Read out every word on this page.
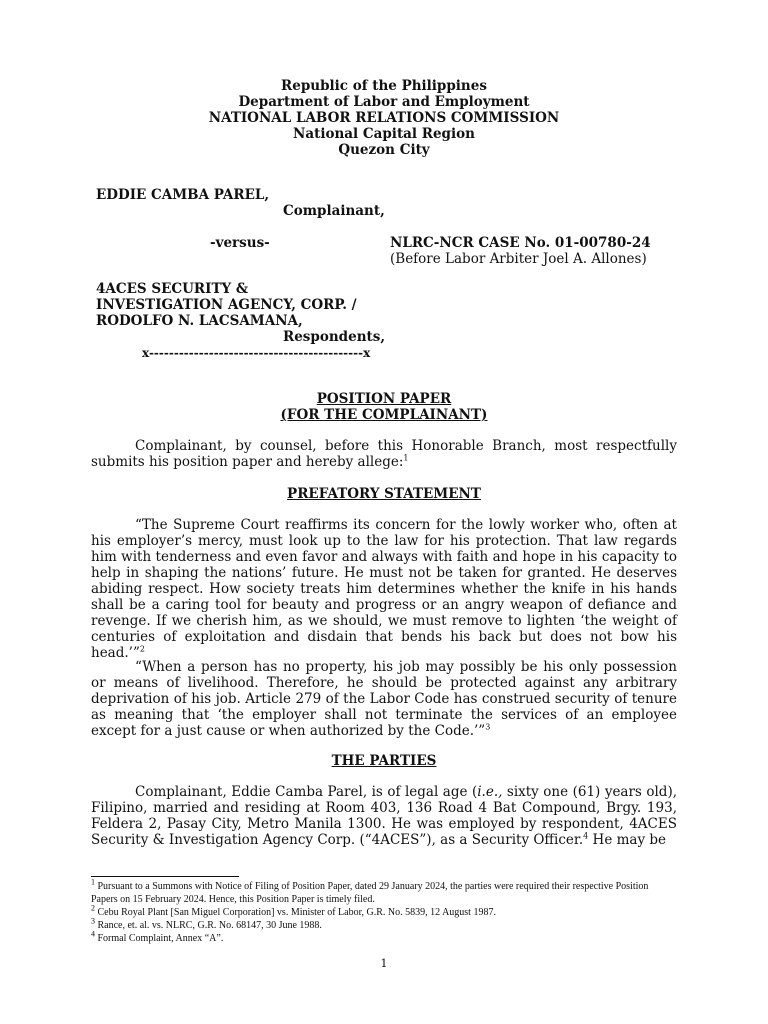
Republic of the Philippines
Department of Labor and Employment
NATIONAL LABOR RELATIONS COMMISSION
National Capital Region
Quezon City
EDDIE CAMBA PAREL,
Complainant,
-versus-	NLRC-NCR CASE No. 01-00780-24
(Before Labor Arbiter Joel A. Allones)
4ACES SECURITY &
INVESTIGATION AGENCY, CORP. /
RODOLFO N. LACSAMANA,
Respondents,
x-------------------------------------------x
POSITION PAPER
(FOR THE COMPLAINANT)
Complainant, by counsel, before this Honorable Branch, most respectfully submits his position paper and hereby allege:$^1$
PREFATORY STATEMENT
“The Supreme Court reaffirms its concern for the lowly worker who, often at his employer’s mercy, must look up to the law for his protection. That law regards him with tenderness and even favor and always with faith and hope in his capacity to help in shaping the nations’ future. He must not be taken for granted. He deserves abiding respect. How society treats him determines whether the knife in his hands shall be a caring tool for beauty and progress or an angry weapon of defiance and revenge. If we cherish him, as we should, we must remove to lighten ‘the weight of centuries of exploitation and disdain that bends his back but does not bow his head.’”$^2$
“When a person has no property, his job may possibly be his only possession or means of livelihood. Therefore, he should be protected against any arbitrary deprivation of his job. Article 279 of the Labor Code has construed security of tenure as meaning that ‘the employer shall not terminate the services of an employee except for a just cause or when authorized by the Code.’”$^3$
THE PARTIES
Complainant, Eddie Camba Parel, is of legal age (i.e., sixty one (61) years old), Filipino, married and residing at Room 403, 136 Road 4 Bat Compound, Brgy. 193, Feldera 2, Pasay City, Metro Manila 1300. He was employed by respondent, 4ACES Security & Investigation Agency Corp. (“4ACES”), as a Security Officer.$^4$ He may be
$^1$ Pursuant to a Summons with Notice of Filing of Position Paper, dated 29 January 2024, the parties were required their respective Position Papers on 15 February 2024. Hence, this Position Paper is timely filed.
$^2$ Cebu Royal Plant [San Miguel Corporation] vs. Minister of Labor, G.R. No. 5839, 12 August 1987.
$^3$ Rance, et. al. vs. NLRC, G.R. No. 68147, 30 June 1988.
$^4$ Formal Complaint, Annex “A”.
1
